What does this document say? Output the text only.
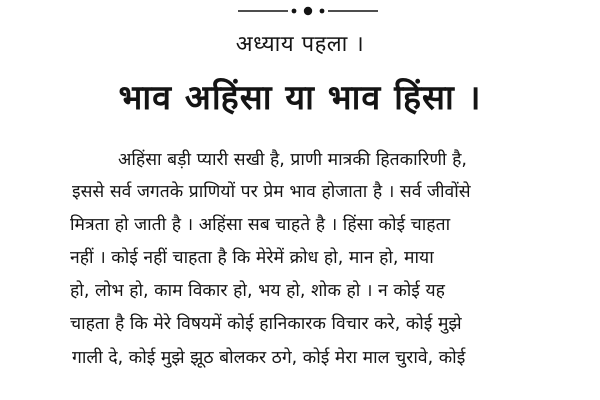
अध्याय पहला ।
भाव अहिंसा या भाव हिंसा ।
अहिंसा बड़ी प्यारी सखी है, प्राणी मात्रकी हितकारिणी है,
इससे सर्व जगतके प्राणियों पर प्रेम भाव होजाता है । सर्व जीवोंसे
मित्रता हो जाती है । अहिंसा सब चाहते है । हिंसा कोई चाहता
नहीं । कोई नहीं चाहता है कि मेरेमें क्रोध हो, मान हो, माया
हो, लोभ हो, काम विकार हो, भय हो, शोक हो । न कोई यह
चाहता है कि मेरे विषयमें कोई हानिकारक विचार करे, कोई मुझे
गाली दे, कोई मुझे झूठ बोलकर ठगे, कोई मेरा माल चुरावे, कोई
